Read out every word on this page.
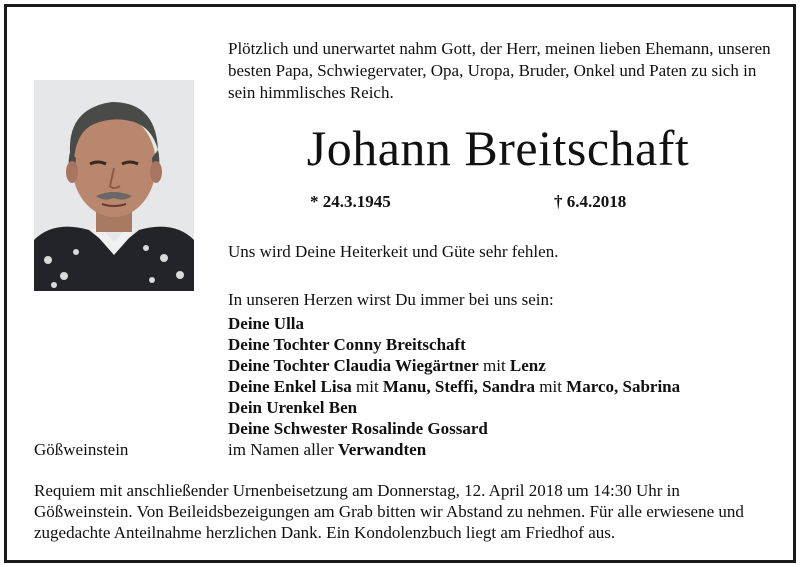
Plötzlich und unerwartet nahm Gott, der Herr, meinen lieben Ehemann, unseren besten Papa, Schwiegervater, Opa, Uropa, Bruder, Onkel und Paten zu sich in sein himmlisches Reich.

Johann Breitschaft
* 24.3.1945	† 6.4.2018

Uns wird Deine Heiterkeit und Güte sehr fehlen.

In unseren Herzen wirst Du immer bei uns sein:

Deine Ulla
Deine Tochter Conny Breitschaft
Deine Tochter Claudia Wiegärtner mit Lenz
Deine Enkel Lisa mit Manu, Steffi, Sandra mit Marco, Sabrina
Dein Urenkel Ben
Deine Schwester Rosalinde Gossard

Gößweinstein	im Namen aller Verwandten

Requiem mit anschließender Urnenbeisetzung am Donnerstag, 12. April 2018 um 14:30 Uhr in Gößweinstein. Von Beileidsbezeigungen am Grab bitten wir Abstand zu nehmen. Für alle erwiesene und zugedachte Anteilnahme herzlichen Dank. Ein Kondolenzbuch liegt am Friedhof aus.
